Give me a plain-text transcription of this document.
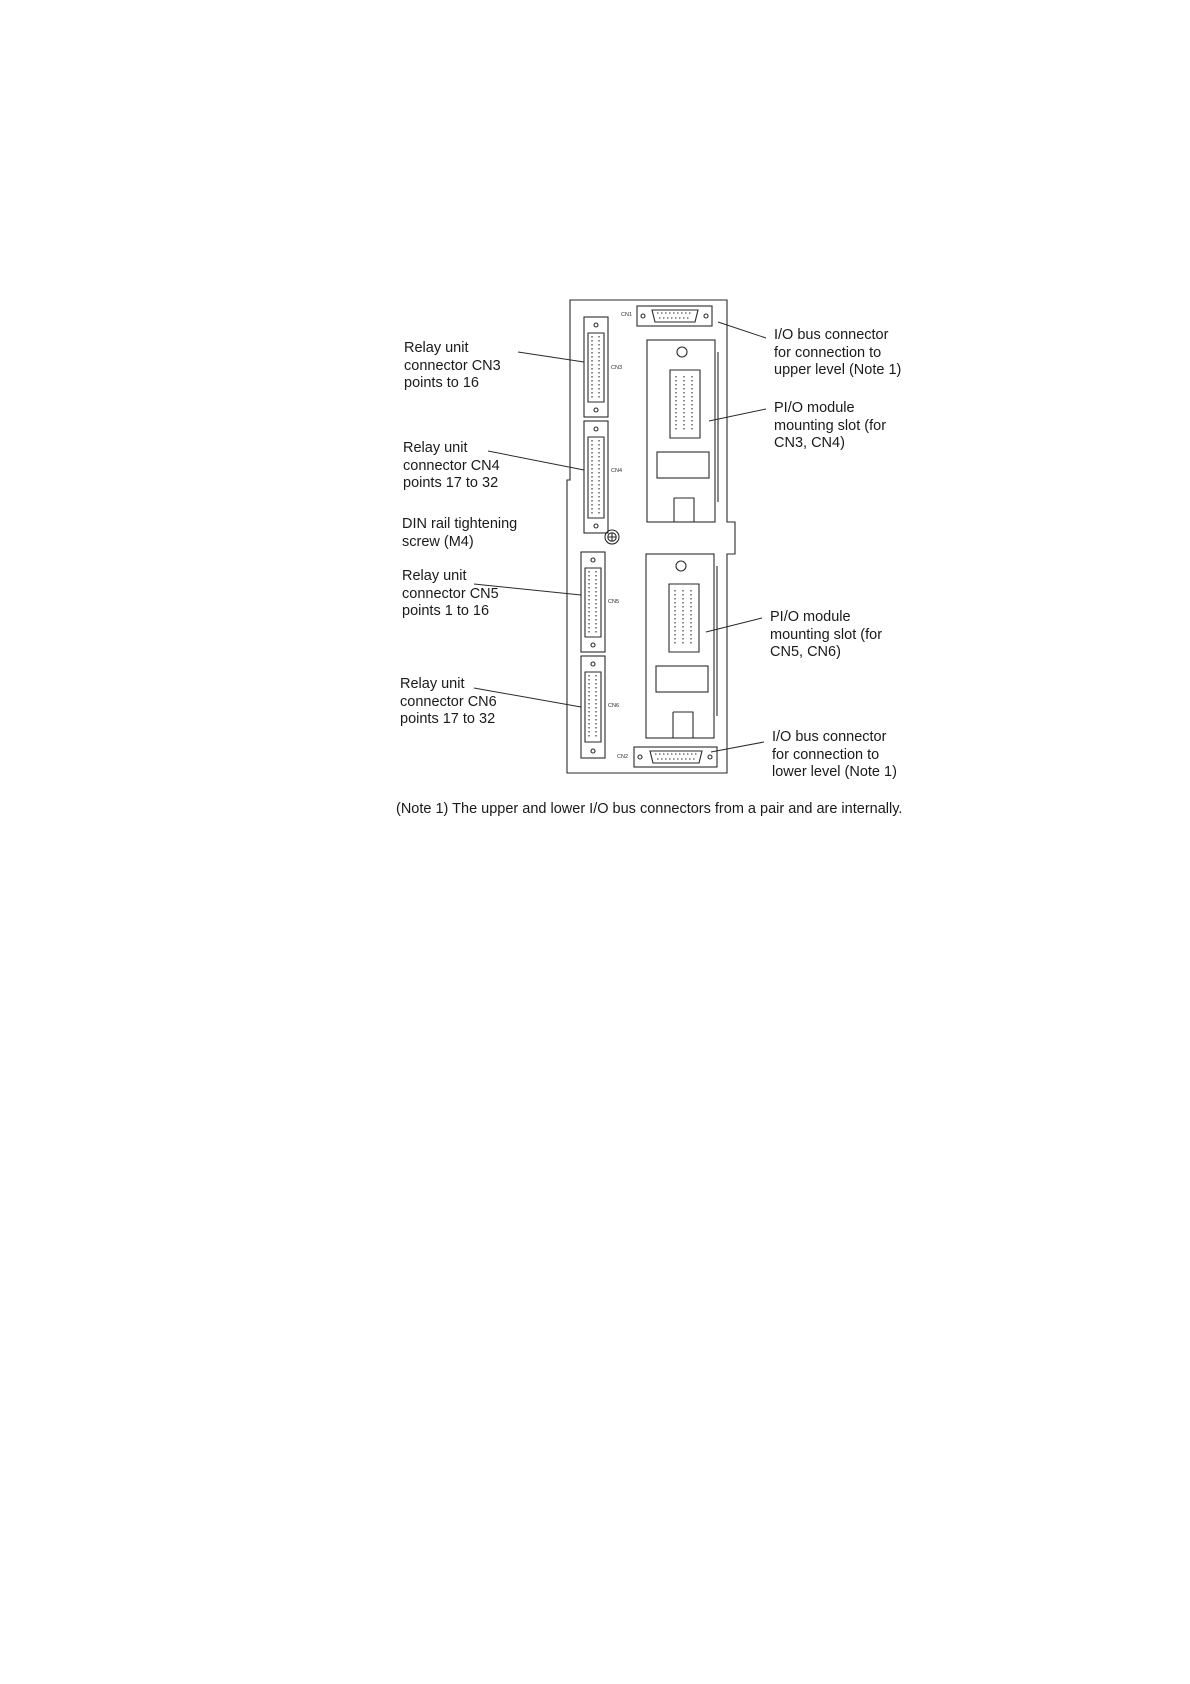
CN1
CN2
CN3
CN4
CN5
CN6
Relay unit
connector CN3
points to 16
Relay unit
connector CN4
points 17 to 32
DIN rail tightening
screw (M4)
Relay unit
connector CN5
points 1 to 16
Relay unit
connector CN6
points 17 to 32
I/O bus connector
for connection to
upper level (Note 1)
PI/O module
mounting slot (for
CN3, CN4)
PI/O module
mounting slot (for
CN5, CN6)
I/O bus connector
for connection to
lower level (Note 1)
(Note 1) The upper and lower I/O bus connectors from a pair and are internally.
